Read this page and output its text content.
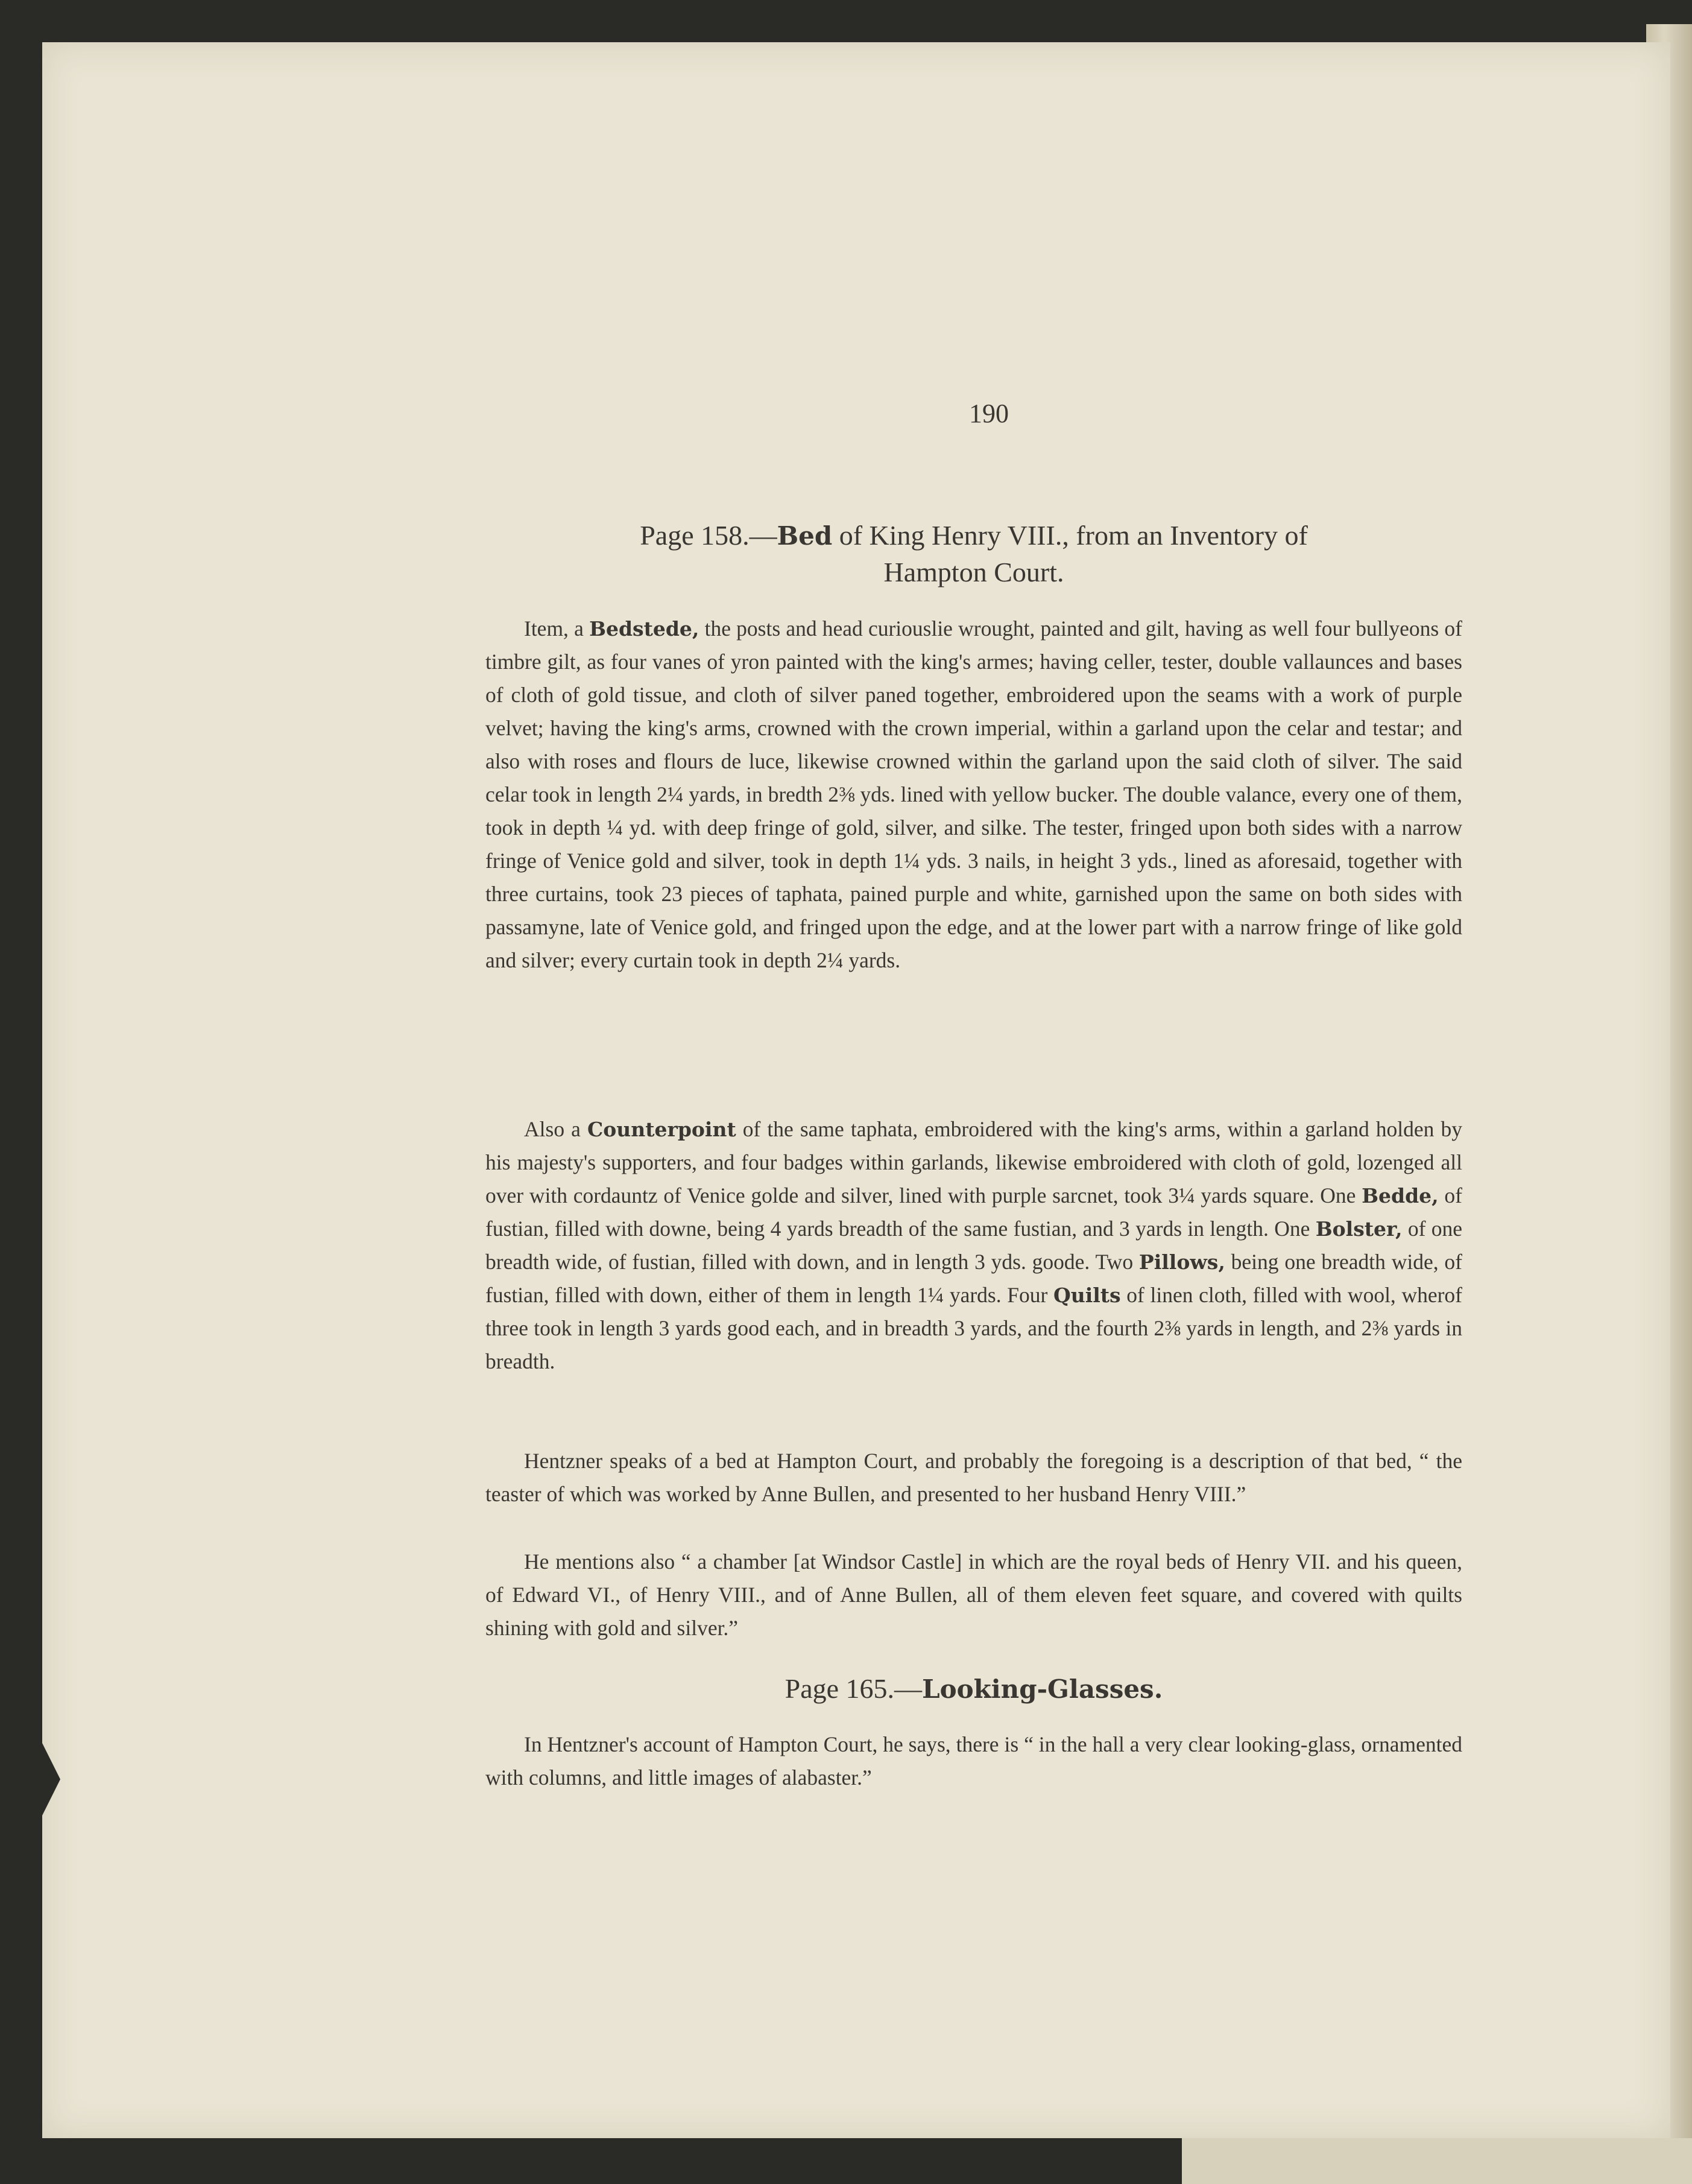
190
Page 158.—Bed of King Henry VIII., from an Inventory of
Hampton Court.

Item, a Bedstede, the posts and head curiouslie wrought, painted and gilt, having as well four bullyeons of timbre gilt, as four vanes of yron painted with the king's armes; having celler, tester, double vallaunces and bases of cloth of gold tissue, and cloth of silver paned together, embroidered upon the seams with a work of purple velvet; having the king's arms, crowned with the crown imperial, within a garland upon the celar and testar; and also with roses and flours de luce, likewise crowned within the garland upon the said cloth of silver. The said celar took in length 2¼ yards, in bredth 2⅜ yds. lined with yellow bucker. The double valance, every one of them, took in depth ¼ yd. with deep fringe of gold, silver, and silke. The tester, fringed upon both sides with a narrow fringe of Venice gold and silver, took in depth 1¼ yds. 3 nails, in height 3 yds., lined as aforesaid, together with three curtains, took 23 pieces of taphata, pained purple and white, garnished upon the same on both sides with passamyne, late of Venice gold, and fringed upon the edge, and at the lower part with a narrow fringe of like gold and silver; every curtain took in depth 2¼ yards.

Also a Counterpoint of the same taphata, embroidered with the king's arms, within a garland holden by his majesty's supporters, and four badges within garlands, likewise embroidered with cloth of gold, lozenged all over with cordauntz of Venice golde and silver, lined with purple sarcnet, took 3¼ yards square. One Bedde, of fustian, filled with downe, being 4 yards breadth of the same fustian, and 3 yards in length. One Bolster, of one breadth wide, of fustian, filled with down, and in length 3 yds. goode. Two Pillows, being one breadth wide, of fustian, filled with down, either of them in length 1¼ yards. Four Quilts of linen cloth, filled with wool, wherof three took in length 3 yards good each, and in breadth 3 yards, and the fourth 2⅜ yards in length, and 2⅜ yards in breadth.

Hentzner speaks of a bed at Hampton Court, and probably the foregoing is a description of that bed, “ the teaster of which was worked by Anne Bullen, and presented to her husband Henry VIII.”

He mentions also “ a chamber [at Windsor Castle] in which are the royal beds of Henry VII. and his queen, of Edward VI., of Henry VIII., and of Anne Bullen, all of them eleven feet square, and covered with quilts shining with gold and silver.”

Page 165.—Looking-Glasses.

In Hentzner's account of Hampton Court, he says, there is “ in the hall a very clear looking-glass, ornamented with columns, and little images of alabaster.”
